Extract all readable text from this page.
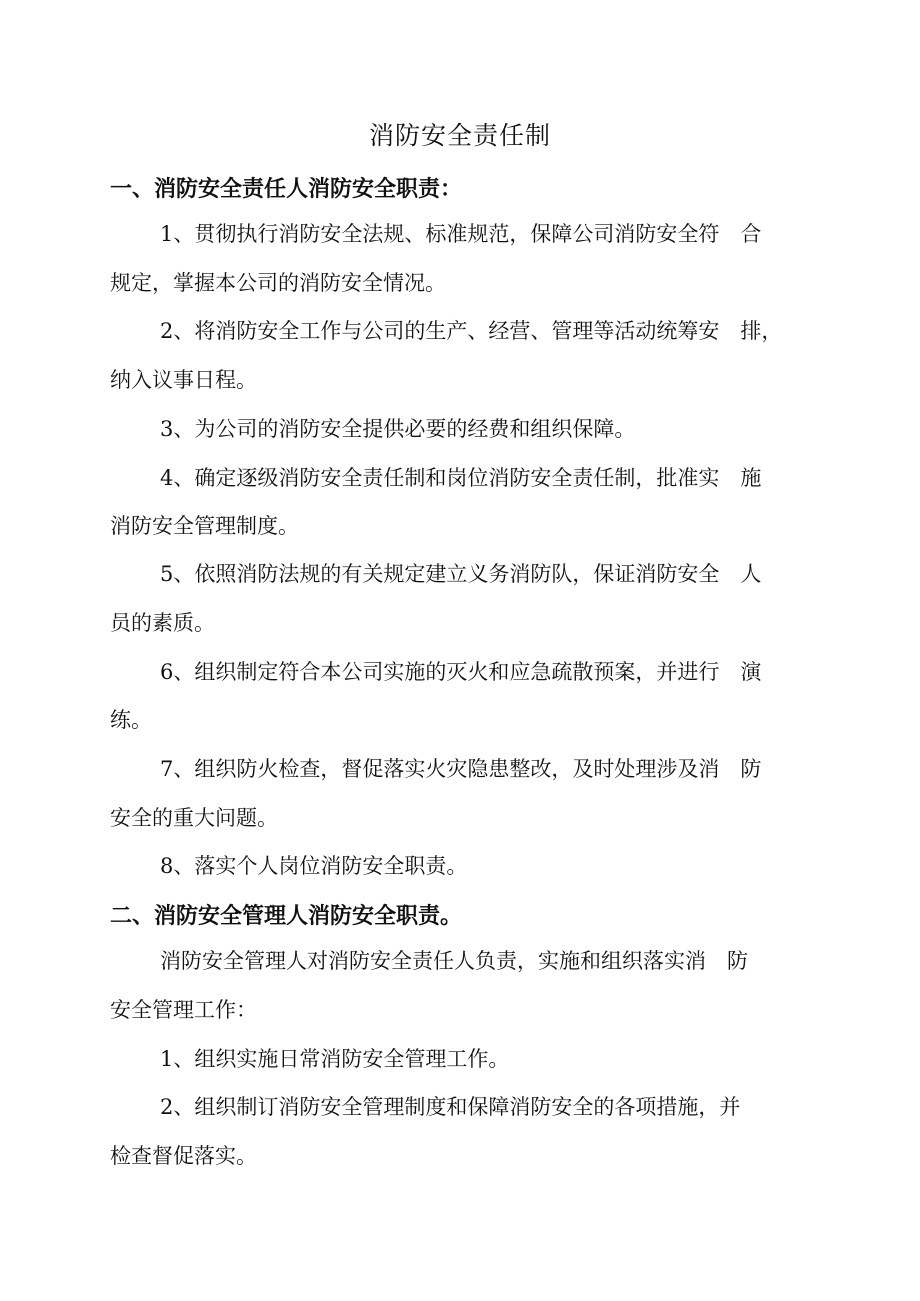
消防安全责任制
一、消防安全责任人消防安全职责：

1、贯彻执行消防安全法规、标准规范，保障公司消防安全符　合

规定，掌握本公司的消防安全情况。

2、将消防安全工作与公司的生产、经营、管理等活动统筹安　排，

纳入议事日程。

3、为公司的消防安全提供必要的经费和组织保障。

4、确定逐级消防安全责任制和岗位消防安全责任制，批准实　施

消防安全管理制度。

5、依照消防法规的有关规定建立义务消防队，保证消防安全　人

员的素质。

6、组织制定符合本公司实施的灭火和应急疏散预案，并进行　演

练。

7、组织防火检查，督促落实火灾隐患整改，及时处理涉及消　防

安全的重大问题。

8、落实个人岗位消防安全职责。

二、消防安全管理人消防安全职责。

消防安全管理人对消防安全责任人负责，实施和组织落实消　防

安全管理工作：

1、组织实施日常消防安全管理工作。

2、组织制订消防安全管理制度和保障消防安全的各项措施，并

检查督促落实。
